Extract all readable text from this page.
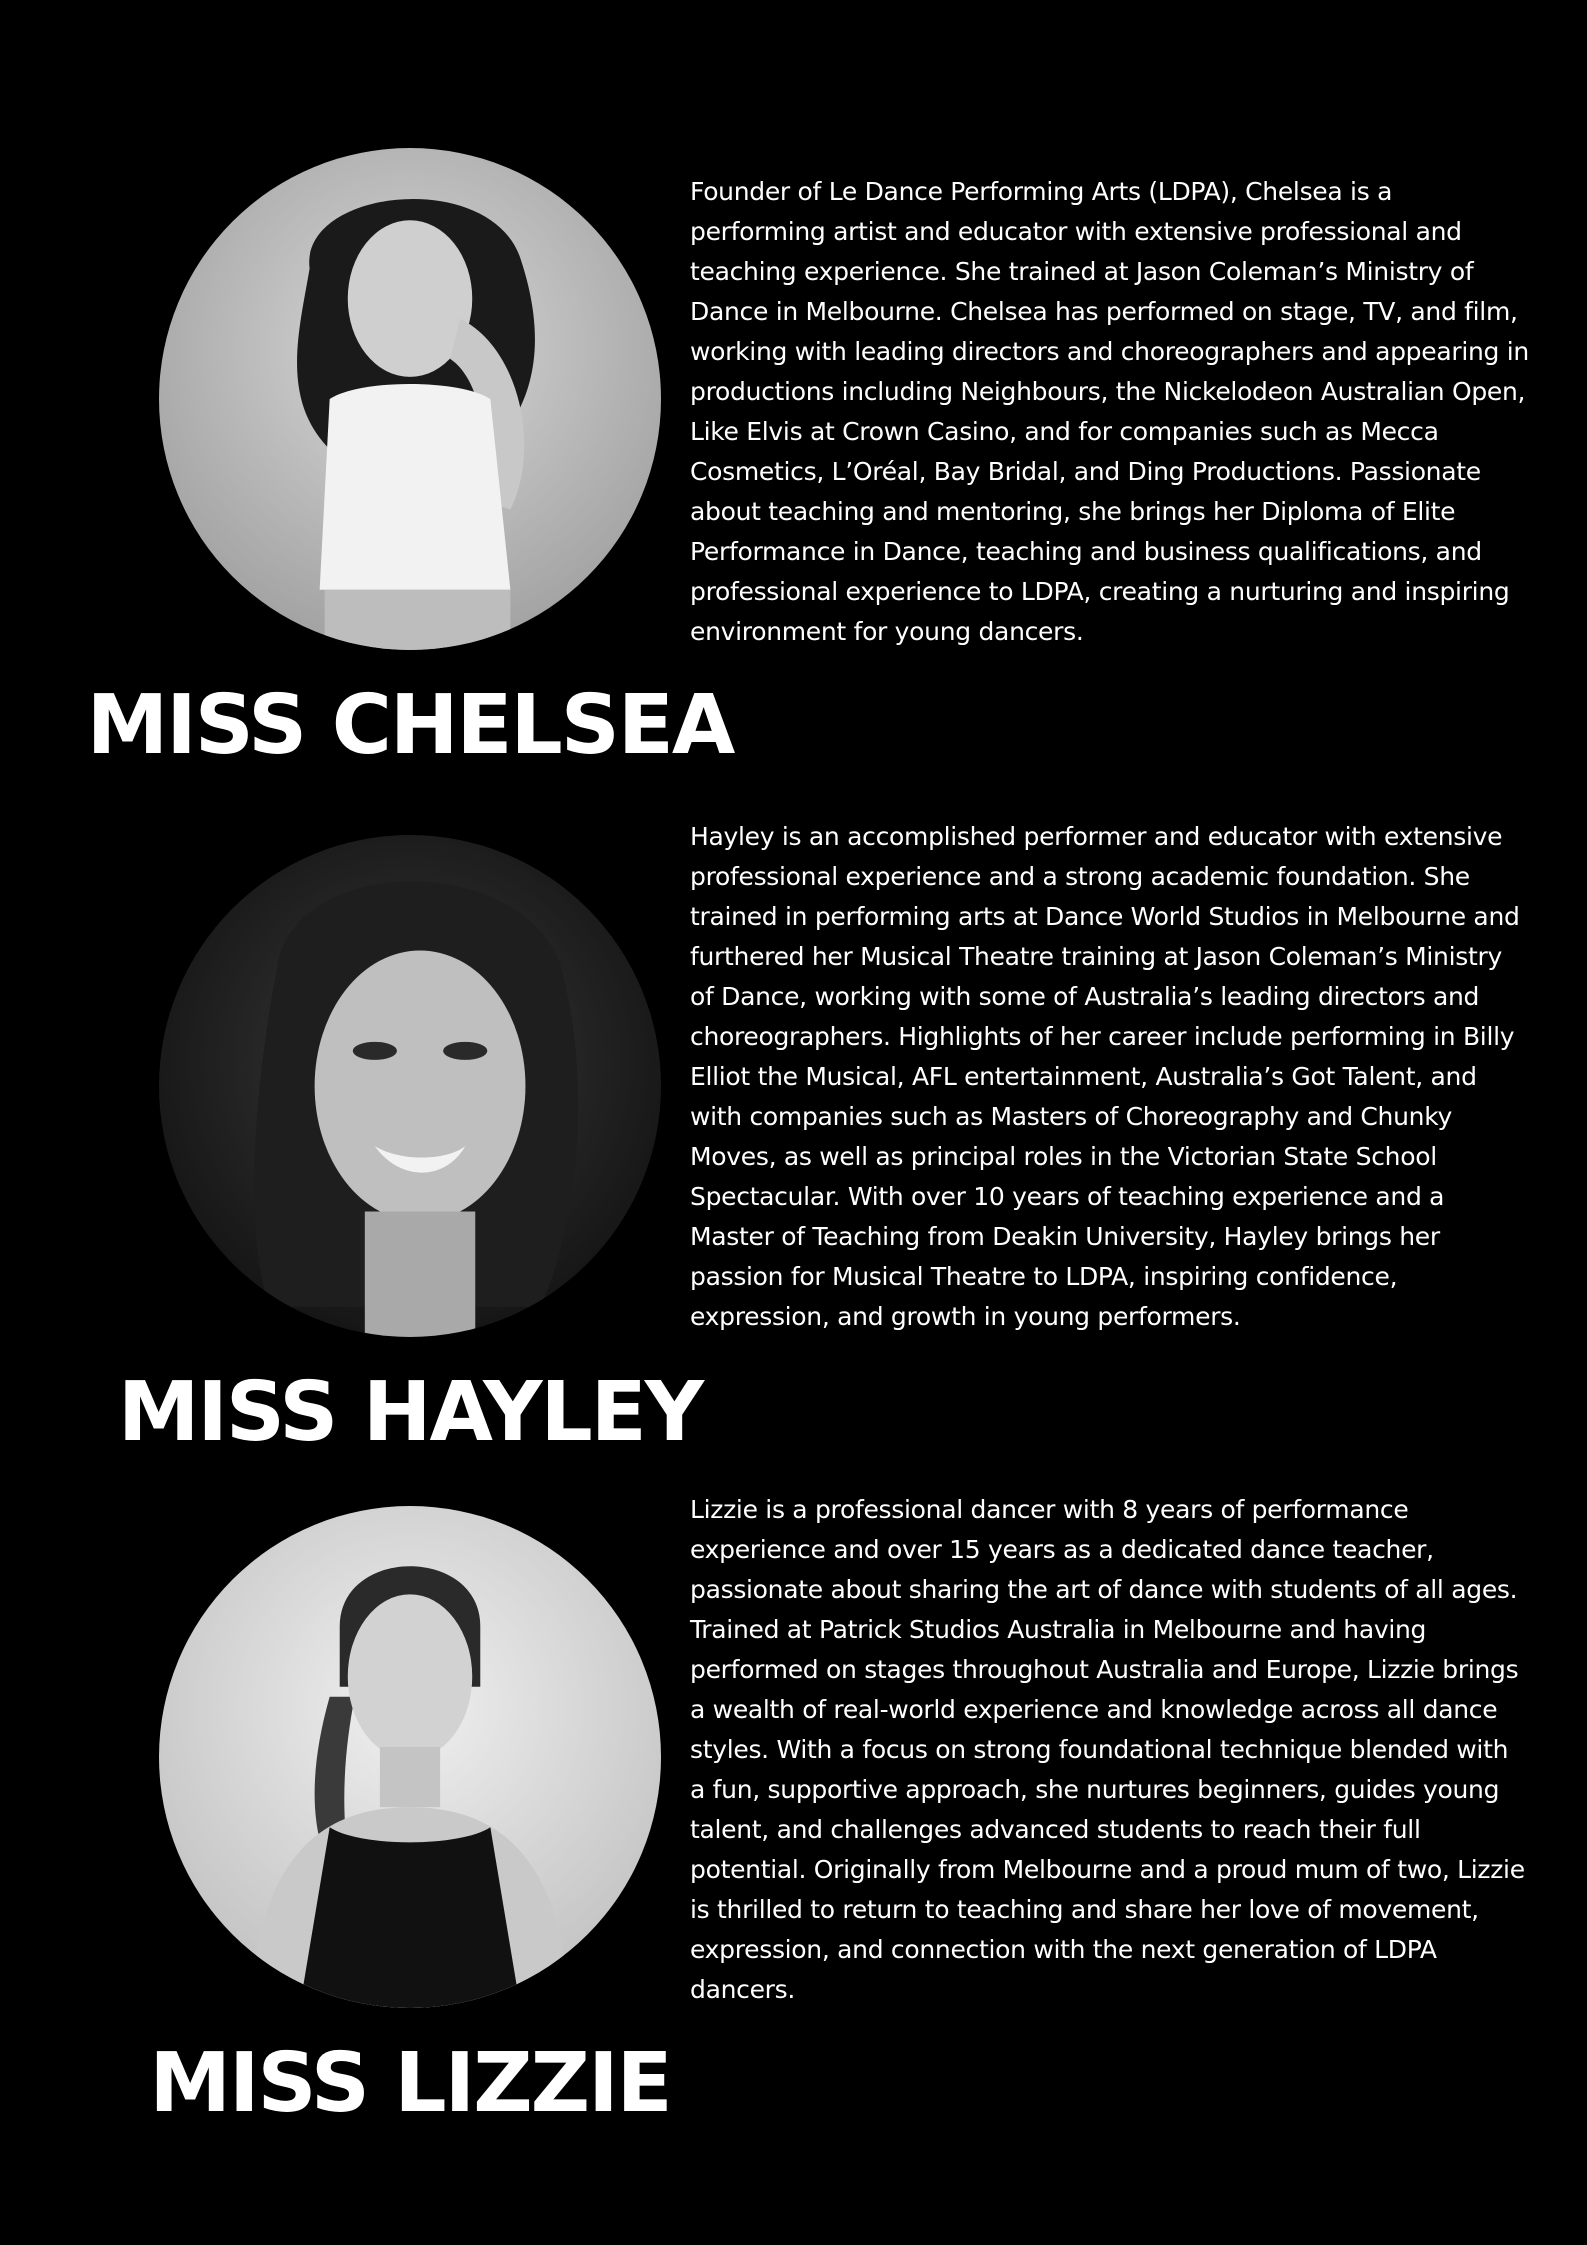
Founder of Le Dance Performing Arts (LDPA), Chelsea is a performing artist and educator with extensive professional and teaching experience. She trained at Jason Coleman’s Ministry of Dance in Melbourne. Chelsea has performed on stage, TV, and film, working with leading directors and choreographers and appearing in productions including Neighbours, the Nickelodeon Australian Open, Like Elvis at Crown Casino, and for companies such as Mecca Cosmetics, L’Oréal, Bay Bridal, and Ding Productions. Passionate about teaching and mentoring, she brings her Diploma of Elite Performance in Dance, teaching and business qualifications, and professional experience to LDPA, creating a nurturing and inspiring environment for young dancers.
MISS CHELSEA
Hayley is an accomplished performer and educator with extensive professional experience and a strong academic foundation. She trained in performing arts at Dance World Studios in Melbourne and furthered her Musical Theatre training at Jason Coleman’s Ministry of Dance, working with some of Australia’s leading directors and choreographers. Highlights of her career include performing in Billy Elliot the Musical, AFL entertainment, Australia’s Got Talent, and with companies such as Masters of Choreography and Chunky Moves, as well as principal roles in the Victorian State School Spectacular. With over 10 years of teaching experience and a Master of Teaching from Deakin University, Hayley brings her passion for Musical Theatre to LDPA, inspiring confidence, expression, and growth in young performers.
MISS HAYLEY
Lizzie is a professional dancer with 8 years of performance experience and over 15 years as a dedicated dance teacher, passionate about sharing the art of dance with students of all ages. Trained at Patrick Studios Australia in Melbourne and having performed on stages throughout Australia and Europe, Lizzie brings a wealth of real-world experience and knowledge across all dance styles. With a focus on strong foundational technique blended with a fun, supportive approach, she nurtures beginners, guides young talent, and challenges advanced students to reach their full potential. Originally from Melbourne and a proud mum of two, Lizzie is thrilled to return to teaching and share her love of movement, expression, and connection with the next generation of LDPA dancers.
MISS LIZZIE
